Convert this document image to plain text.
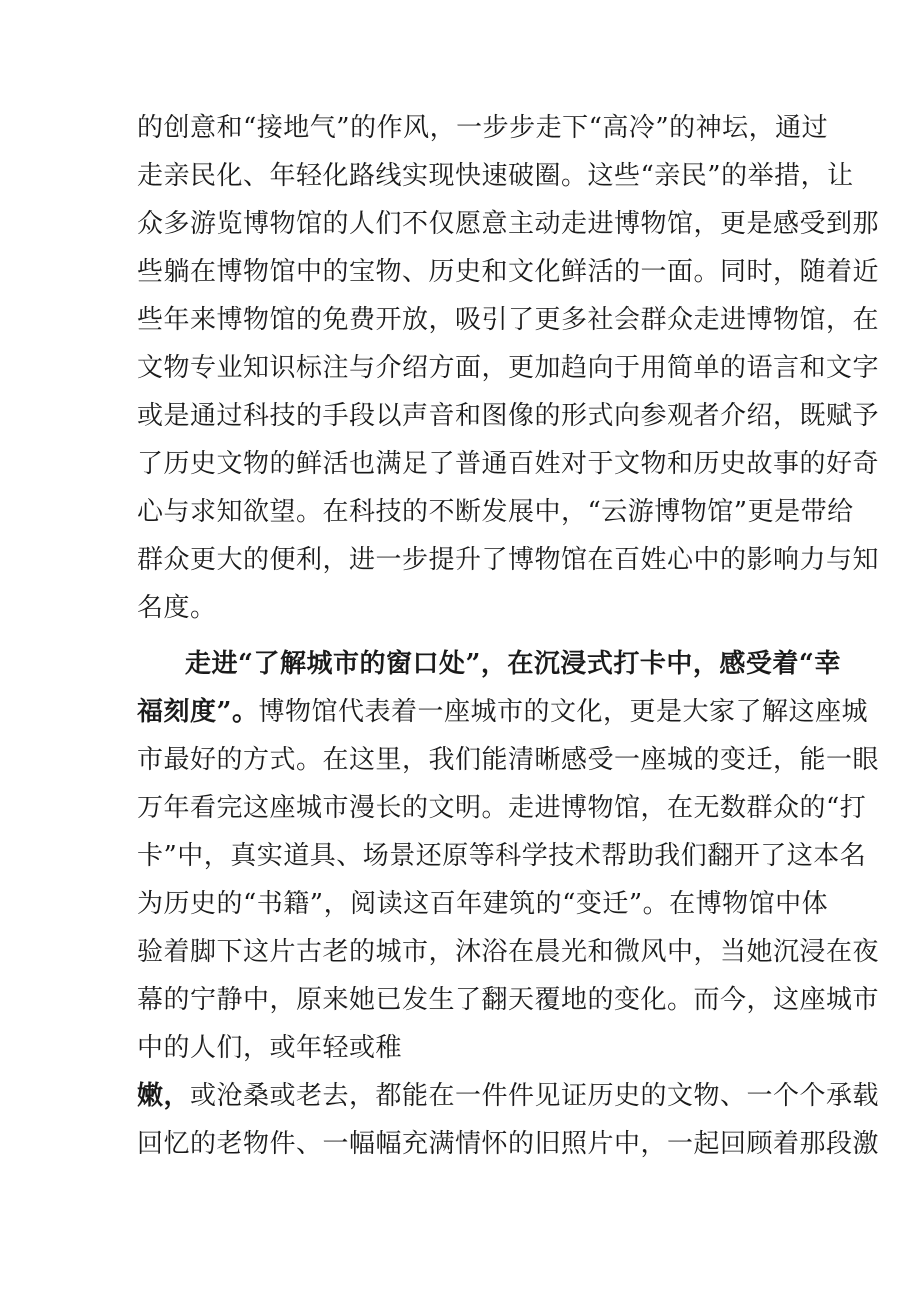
的创意和“接地气”的作风，一步步走下“高冷”的神坛，通过
走亲民化、年轻化路线实现快速破圈。这些“亲民”的举措，让
众多游览博物馆的人们不仅愿意主动走进博物馆，更是感受到那
些躺在博物馆中的宝物、历史和文化鲜活的一面。同时，随着近
些年来博物馆的免费开放，吸引了更多社会群众走进博物馆，在
文物专业知识标注与介绍方面，更加趋向于用简单的语言和文字
或是通过科技的手段以声音和图像的形式向参观者介绍，既赋予
了历史文物的鲜活也满足了普通百姓对于文物和历史故事的好奇
心与求知欲望。在科技的不断发展中，“云游博物馆”更是带给
群众更大的便利，进一步提升了博物馆在百姓心中的影响力与知
名度。
走进“了解城市的窗口处”，在沉浸式打卡中，感受着“幸
福刻度”。博物馆代表着一座城市的文化，更是大家了解这座城
市最好的方式。在这里，我们能清晰感受一座城的变迁，能一眼
万年看完这座城市漫长的文明。走进博物馆，在无数群众的“打
卡”中，真实道具、场景还原等科学技术帮助我们翻开了这本名
为历史的“书籍”，阅读这百年建筑的“变迁”。在博物馆中体
验着脚下这片古老的城市，沐浴在晨光和微风中，当她沉浸在夜
幕的宁静中，原来她已发生了翻天覆地的变化。而今，这座城市
中的人们，或年轻或稚
嫩，或沧桑或老去，都能在一件件见证历史的文物、一个个承载
回忆的老物件、一幅幅充满情怀的旧照片中，一起回顾着那段激
